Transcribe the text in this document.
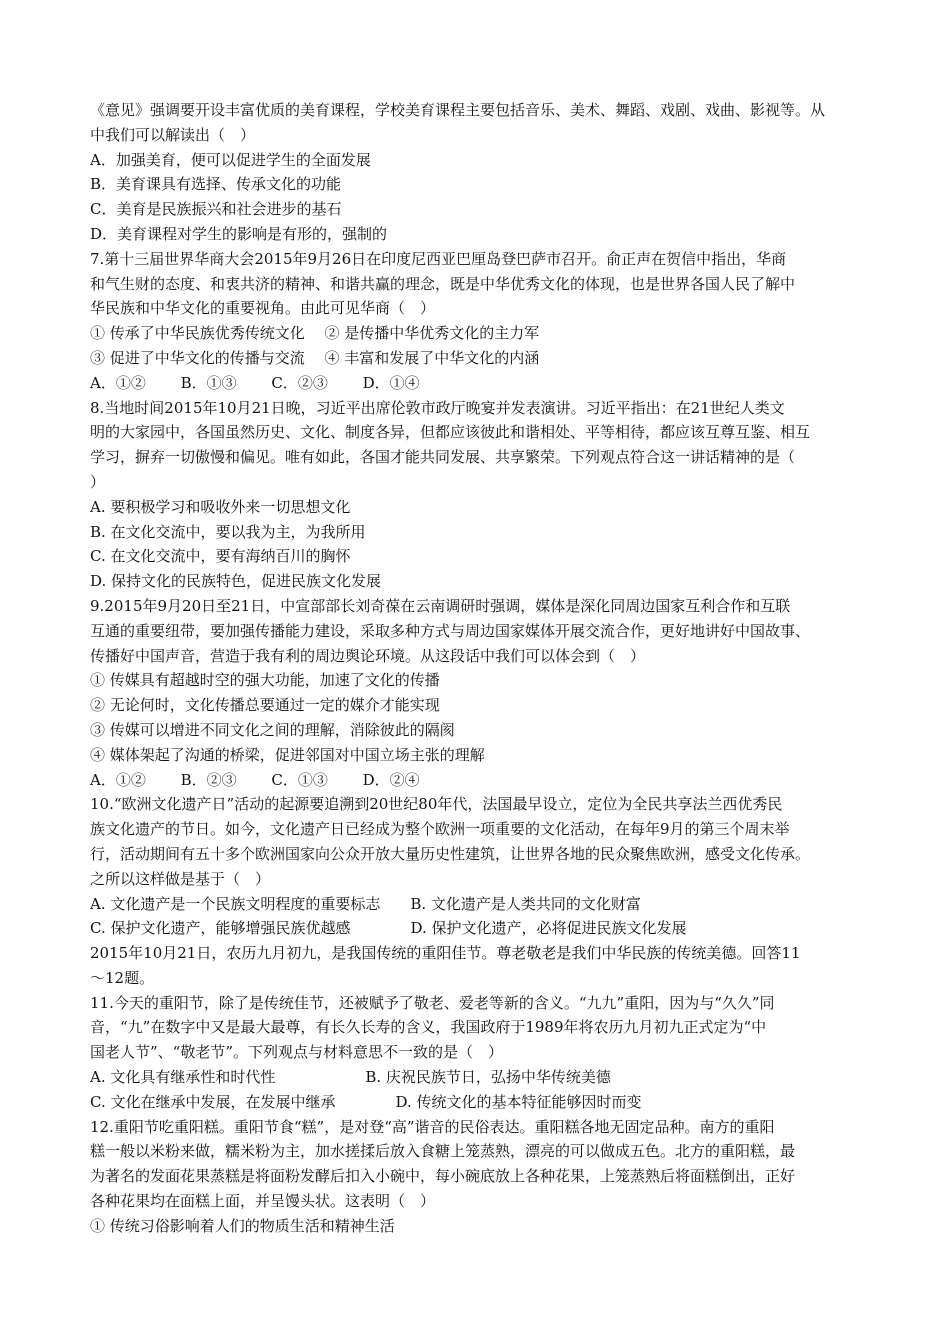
《意见》强调要开设丰富优质的美育课程，学校美育课程主要包括音乐、美术、舞蹈、戏剧、戏曲、影视等。从
中我们可以解读出（　）
A．加强美育，便可以促进学生的全面发展
B．美育课具有选择、传承文化的功能
C．美育是民族振兴和社会进步的基石
D．美育课程对学生的影响是有形的，强制的
7.第十三届世界华商大会2015年9月26日在印度尼西亚巴厘岛登巴萨市召开。俞正声在贺信中指出，华商
和气生财的态度、和衷共济的精神、和谐共赢的理念，既是中华优秀文化的体现，也是世界各国人民了解中
华民族和中华文化的重要视角。由此可见华商（　）
① 传承了中华民族优秀传统文化　 ② 是传播中华优秀文化的主力军
③ 促进了中华文化的传播与交流　 ④ 丰富和发展了中华文化的内涵
A．①②　　 B．①③　　 C．②③　　 D．①④
8.当地时间2015年10月21日晚，习近平出席伦敦市政厅晚宴并发表演讲。习近平指出：在21世纪人类文
明的大家园中，各国虽然历史、文化、制度各异，但都应该彼此和谐相处、平等相待，都应该互尊互鉴、相互
学习，摒弃一切傲慢和偏见。唯有如此，各国才能共同发展、共享繁荣。下列观点符合这一讲话精神的是（
）
A. 要积极学习和吸收外来一切思想文化
B. 在文化交流中，要以我为主，为我所用
C. 在文化交流中，要有海纳百川的胸怀
D. 保持文化的民族特色，促进民族文化发展
9.2015年9月20日至21日，中宣部部长刘奇葆在云南调研时强调，媒体是深化同周边国家互利合作和互联
互通的重要纽带，要加强传播能力建设，采取多种方式与周边国家媒体开展交流合作，更好地讲好中国故事、
传播好中国声音，营造于我有利的周边舆论环境。从这段话中我们可以体会到（　）
① 传媒具有超越时空的强大功能，加速了文化的传播
② 无论何时，文化传播总要通过一定的媒介才能实现
③ 传媒可以增进不同文化之间的理解，消除彼此的隔阂
④ 媒体架起了沟通的桥梁，促进邻国对中国立场主张的理解
A．①②　　 B．②③　　 C．①③　　 D．②④
10.“欧洲文化遗产日”活动的起源要追溯到20世纪80年代，法国最早设立，定位为全民共享法兰西优秀民
族文化遗产的节日。如今，文化遗产日已经成为整个欧洲一项重要的文化活动，在每年9月的第三个周末举
行，活动期间有五十多个欧洲国家向公众开放大量历史性建筑，让世界各地的民众聚焦欧洲，感受文化传承。
之所以这样做是基于（　）
A. 文化遗产是一个民族文明程度的重要标志　　B. 文化遗产是人类共同的文化财富
C. 保护文化遗产，能够增强民族优越感　　　　D. 保护文化遗产，必将促进民族文化发展
2015年10月21日，农历九月初九，是我国传统的重阳佳节。尊老敬老是我们中华民族的传统美德。回答11
～12题。
11.今天的重阳节，除了是传统佳节，还被赋予了敬老、爱老等新的含义。“九九”重阳，因为与“久久”同
音，“九”在数字中又是最大最尊，有长久长寿的含义，我国政府于1989年将农历九月初九正式定为“中
国老人节”、“敬老节”。下列观点与材料意思不一致的是（　）
A. 文化具有继承性和时代性　　　　　　B. 庆祝民族节日，弘扬中华传统美德
C. 文化在继承中发展，在发展中继承　　　　D. 传统文化的基本特征能够因时而变
12.重阳节吃重阳糕。重阳节食“糕”，是对登“高”谐音的民俗表达。重阳糕各地无固定品种。南方的重阳
糕一般以米粉来做，糯米粉为主，加水搓揉后放入食糖上笼蒸熟，漂亮的可以做成五色。北方的重阳糕，最
为著名的发面花果蒸糕是将面粉发酵后扣入小碗中，每小碗底放上各种花果，上笼蒸熟后将面糕倒出，正好
各种花果均在面糕上面，并呈馒头状。这表明（　）
① 传统习俗影响着人们的物质生活和精神生活
